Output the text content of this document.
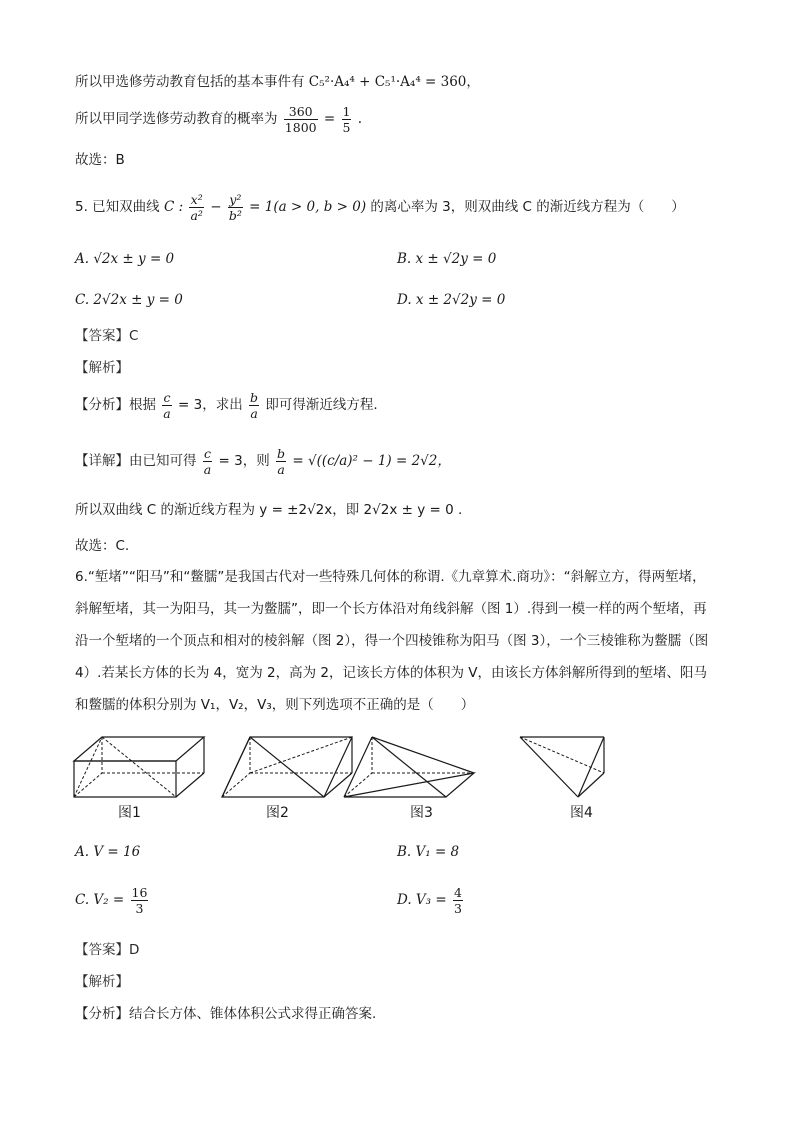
所以甲选修劳动教育包括的基本事件有 C₅²·A₄⁴ + C₅¹·A₄⁴ = 360，
所以甲同学选修劳动教育的概率为 $\frac{360}{1800} = \frac{1}{5}$ .
故选：B
5. 已知双曲线 C : $\frac{\text{x²}}{\text{a²}} - \frac{\text{y²}}{\text{b²}} = 1(a > 0$, b > 0) 的离心率为 3，则双曲线 C 的渐近线方程为（　　）
A. √2x ± y = 0	B. x ± √2y = 0
C. 2√2x ± y = 0	D. x ± 2√2y = 0
【答案】C
【解析】
【分析】根据 $\frac{c}{a} = 3$，求出 $\frac{b}{a}$ 即可得渐近线方程.
【详解】由已知可得 $\frac{c}{a} = 3$，则 $\frac{b}{a} = √((c/a)^2 - 1) = 2√2$，
所以双曲线 C 的渐近线方程为 y = ±2√2x，即 2√2x ± y = 0 .
故选：C.
6.“堑堵”“阳马”和“鳖臑”是我国古代对一些特殊几何体的称谓.《九章算术.商功》：“斜解立方，得两堑堵，
斜解堑堵，其一为阳马，其一为鳖臑”，即一个长方体沿对角线斜解（图 1）.得到一模一样的两个堑堵，再
沿一个堑堵的一个顶点和相对的棱斜解（图 2），得一个四棱锥称为阳马（图 3），一个三棱锥称为鳖臑（图
4）.若某长方体的长为 4，宽为 2，高为 2，记该长方体的体积为 V，由该长方体斜解所得到的堑堵、阳马
和鳖臑的体积分别为 V₁，V₂，V₃，则下列选项不正确的是（　　）
图1	图2	图3	图4
A. V = 16	B. V₁ = 8
C. $V_2 = \frac{16}{3}$	D. $V_3 = \frac{4}{3}$
【答案】D
【解析】
【分析】结合长方体、锥体体积公式求得正确答案.
